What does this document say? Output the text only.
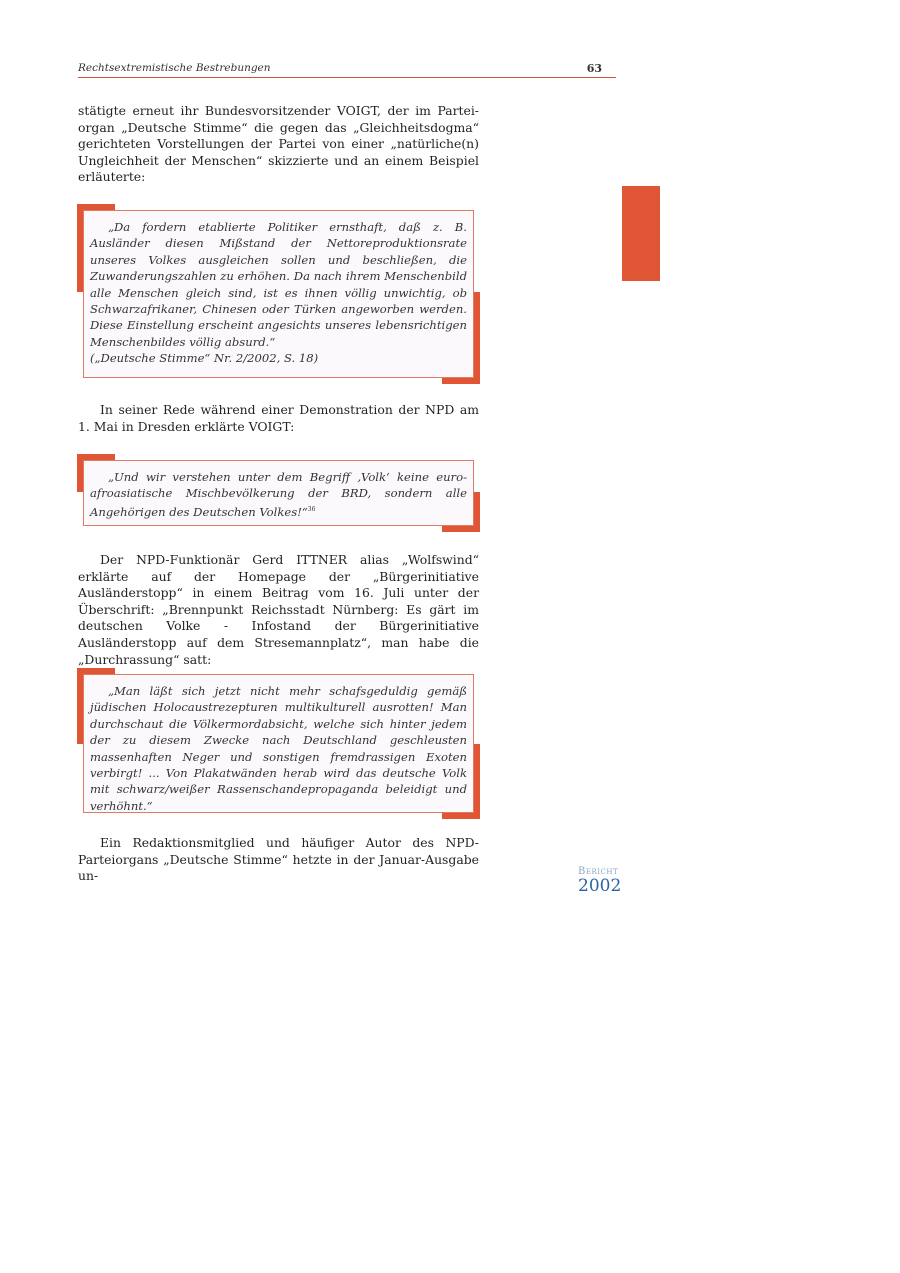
Rechtsextremistische Bestrebungen	63

stätigte erneut ihr Bundesvorsitzender VOIGT, der im Partei-organ „Deutsche Stimme“ die gegen das „Gleichheitsdogma“ gerichteten Vorstellungen der Partei von einer „natürliche(n) Ungleichheit der Menschen“ skizzierte und an einem Beispiel erläuterte:

„Da fordern etablierte Politiker ernsthaft, daß z. B. Ausländer diesen Mißstand der Nettoreproduktionsrate unseres Volkes ausgleichen sollen und beschließen, die Zuwanderungszahlen zu erhöhen. Da nach ihrem Menschenbild alle Menschen gleich sind, ist es ihnen völlig unwichtig, ob Schwarzafrikaner, Chinesen oder Türken angeworben werden. Diese Einstellung erscheint angesichts unseres lebensrichtigen Menschenbildes völlig absurd.“

(„Deutsche Stimme“ Nr. 2/2002, S. 18)

In seiner Rede während einer Demonstration der NPD am 1. Mai in Dresden erklärte VOIGT:

„Und wir verstehen unter dem Begriff ‚Volk‘ keine euro-afroasiatische Mischbevölkerung der BRD, sondern alle Angehörigen des Deutschen Volkes!“$^{36}$

Der NPD-Funktionär Gerd ITTNER alias „Wolfswind“ erklärte auf der Homepage der „Bürgerinitiative Ausländerstopp“ in einem Beitrag vom 16. Juli unter der Überschrift: „Brennpunkt Reichsstadt Nürnberg: Es gärt im deutschen Volke - Infostand der Bürgerinitiative Ausländerstopp auf dem Stresemannplatz“, man habe die „Durchrassung“ satt:

„Man läßt sich jetzt nicht mehr schafsgeduldig gemäß jüdischen Holocaustrezepturen multikulturell ausrotten! Man durchschaut die Völkermordabsicht, welche sich hinter jedem der zu diesem Zwecke nach Deutschland geschleusten massenhaften Neger und sonstigen fremdrassigen Exoten verbirgt! ... Von Plakatwänden herab wird das deutsche Volk mit schwarz/weißer Rassenschandepropaganda beleidigt und verhöhnt.“

Ein Redaktionsmitglied und häufiger Autor des NPD-Parteiorgans „Deutsche Stimme“ hetzte in der Januar-Ausgabe un-	Bericht
2002
